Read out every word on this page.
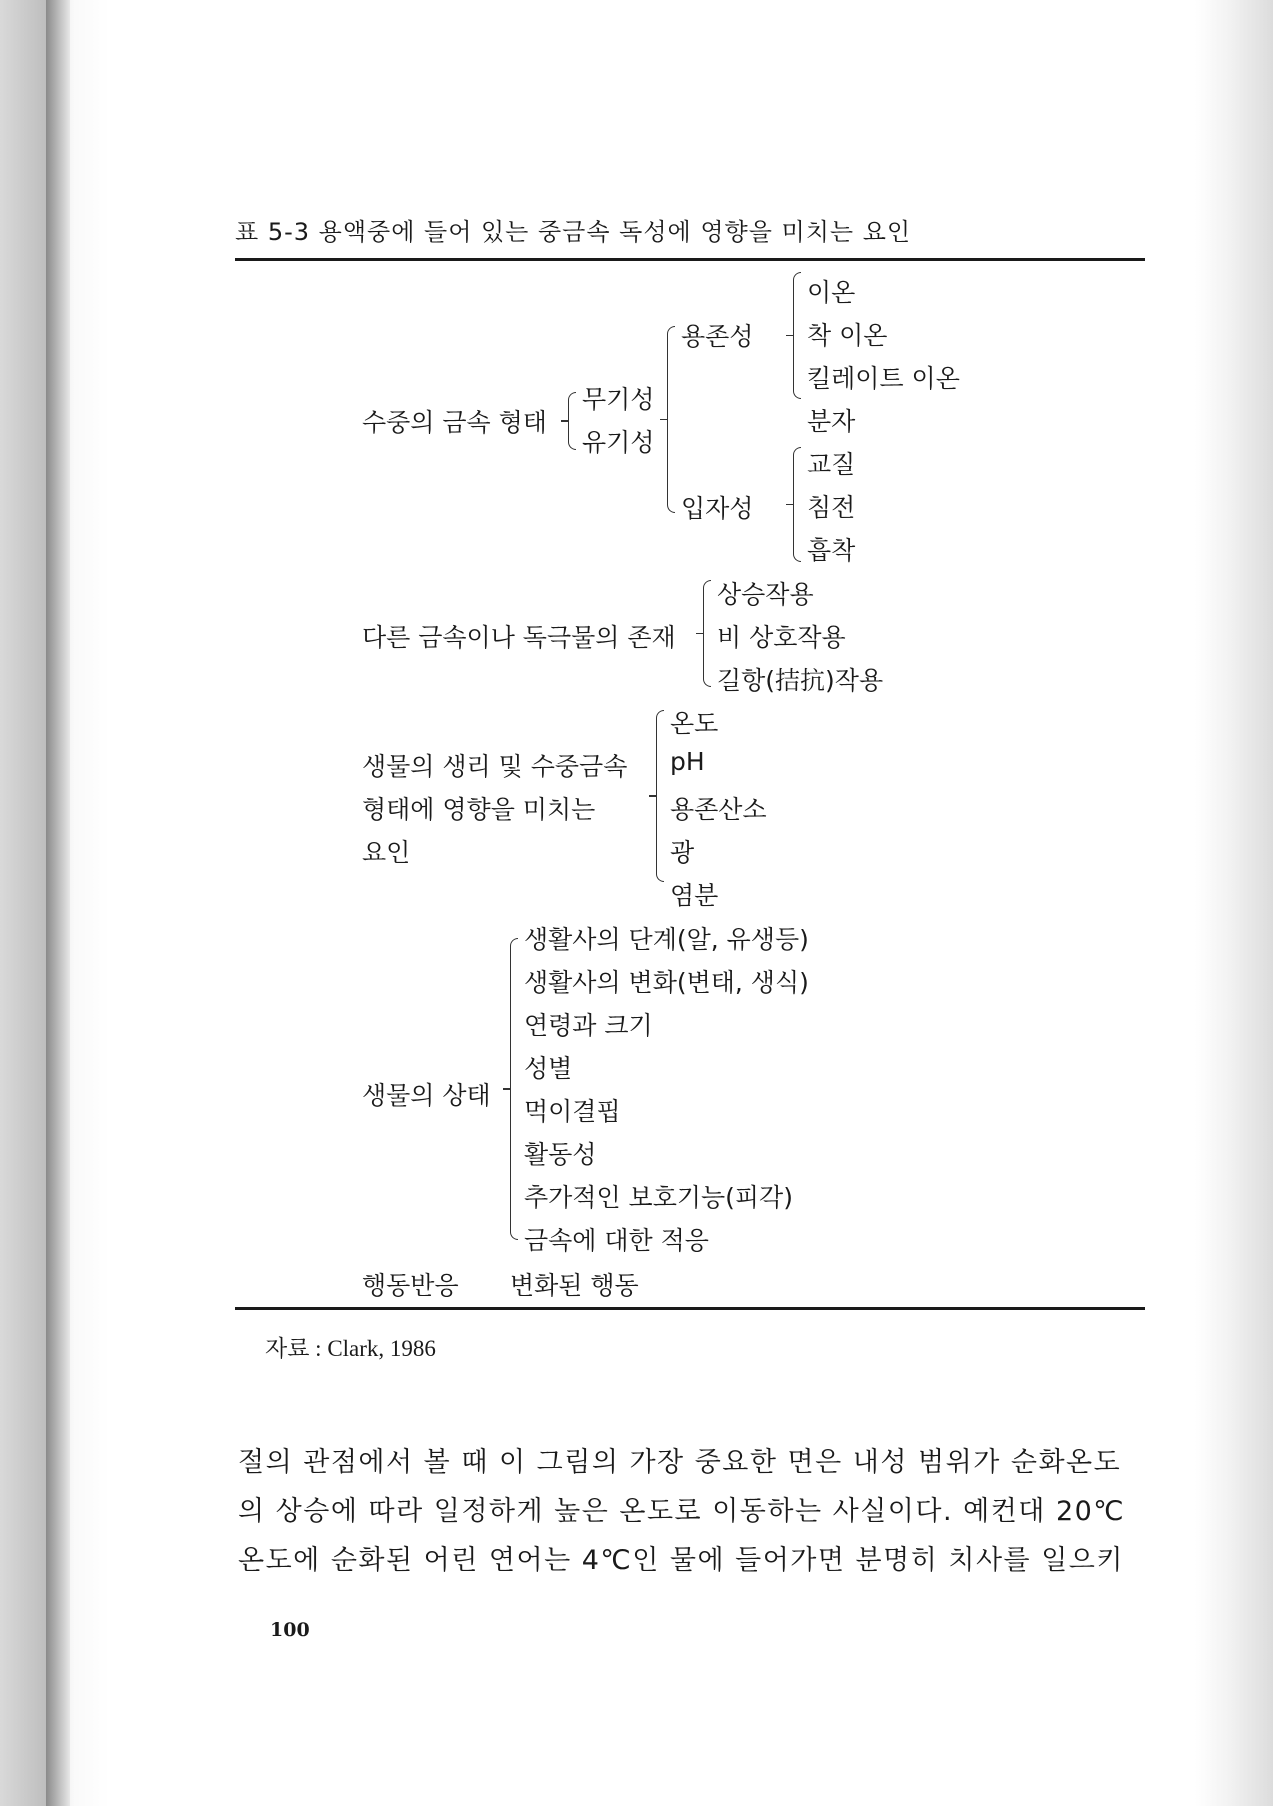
표 5-3 용액중에 들어 있는 중금속 독성에 영향을 미치는 요인
수중의 금속 형태
무기성
유기성
용존성
입자성
이온
착 이온
킬레이트 이온
분자
교질
침전
흡착
다른 금속이나 독극물의 존재
상승작용
비 상호작용
길항(拮抗)작용
생물의 생리 및 수중금속
형태에 영향을 미치는
요인
온도
pH
용존산소
광
염분
생물의 상태
생활사의 단계(알, 유생등)
생활사의 변화(변태, 생식)
연령과 크기
성별
먹이결핍
활동성
추가적인 보호기능(피각)
금속에 대한 적응
행동반응 변화된 행동
자료 : Clark, 1986
절의 관점에서 볼 때 이 그림의 가장 중요한 면은 내성 범위가 순화온도
의 상승에 따라 일정하게 높은 온도로 이동하는 사실이다. 예컨대 20℃
온도에 순화된 어린 연어는 4℃인 물에 들어가면 분명히 치사를 일으키
100
